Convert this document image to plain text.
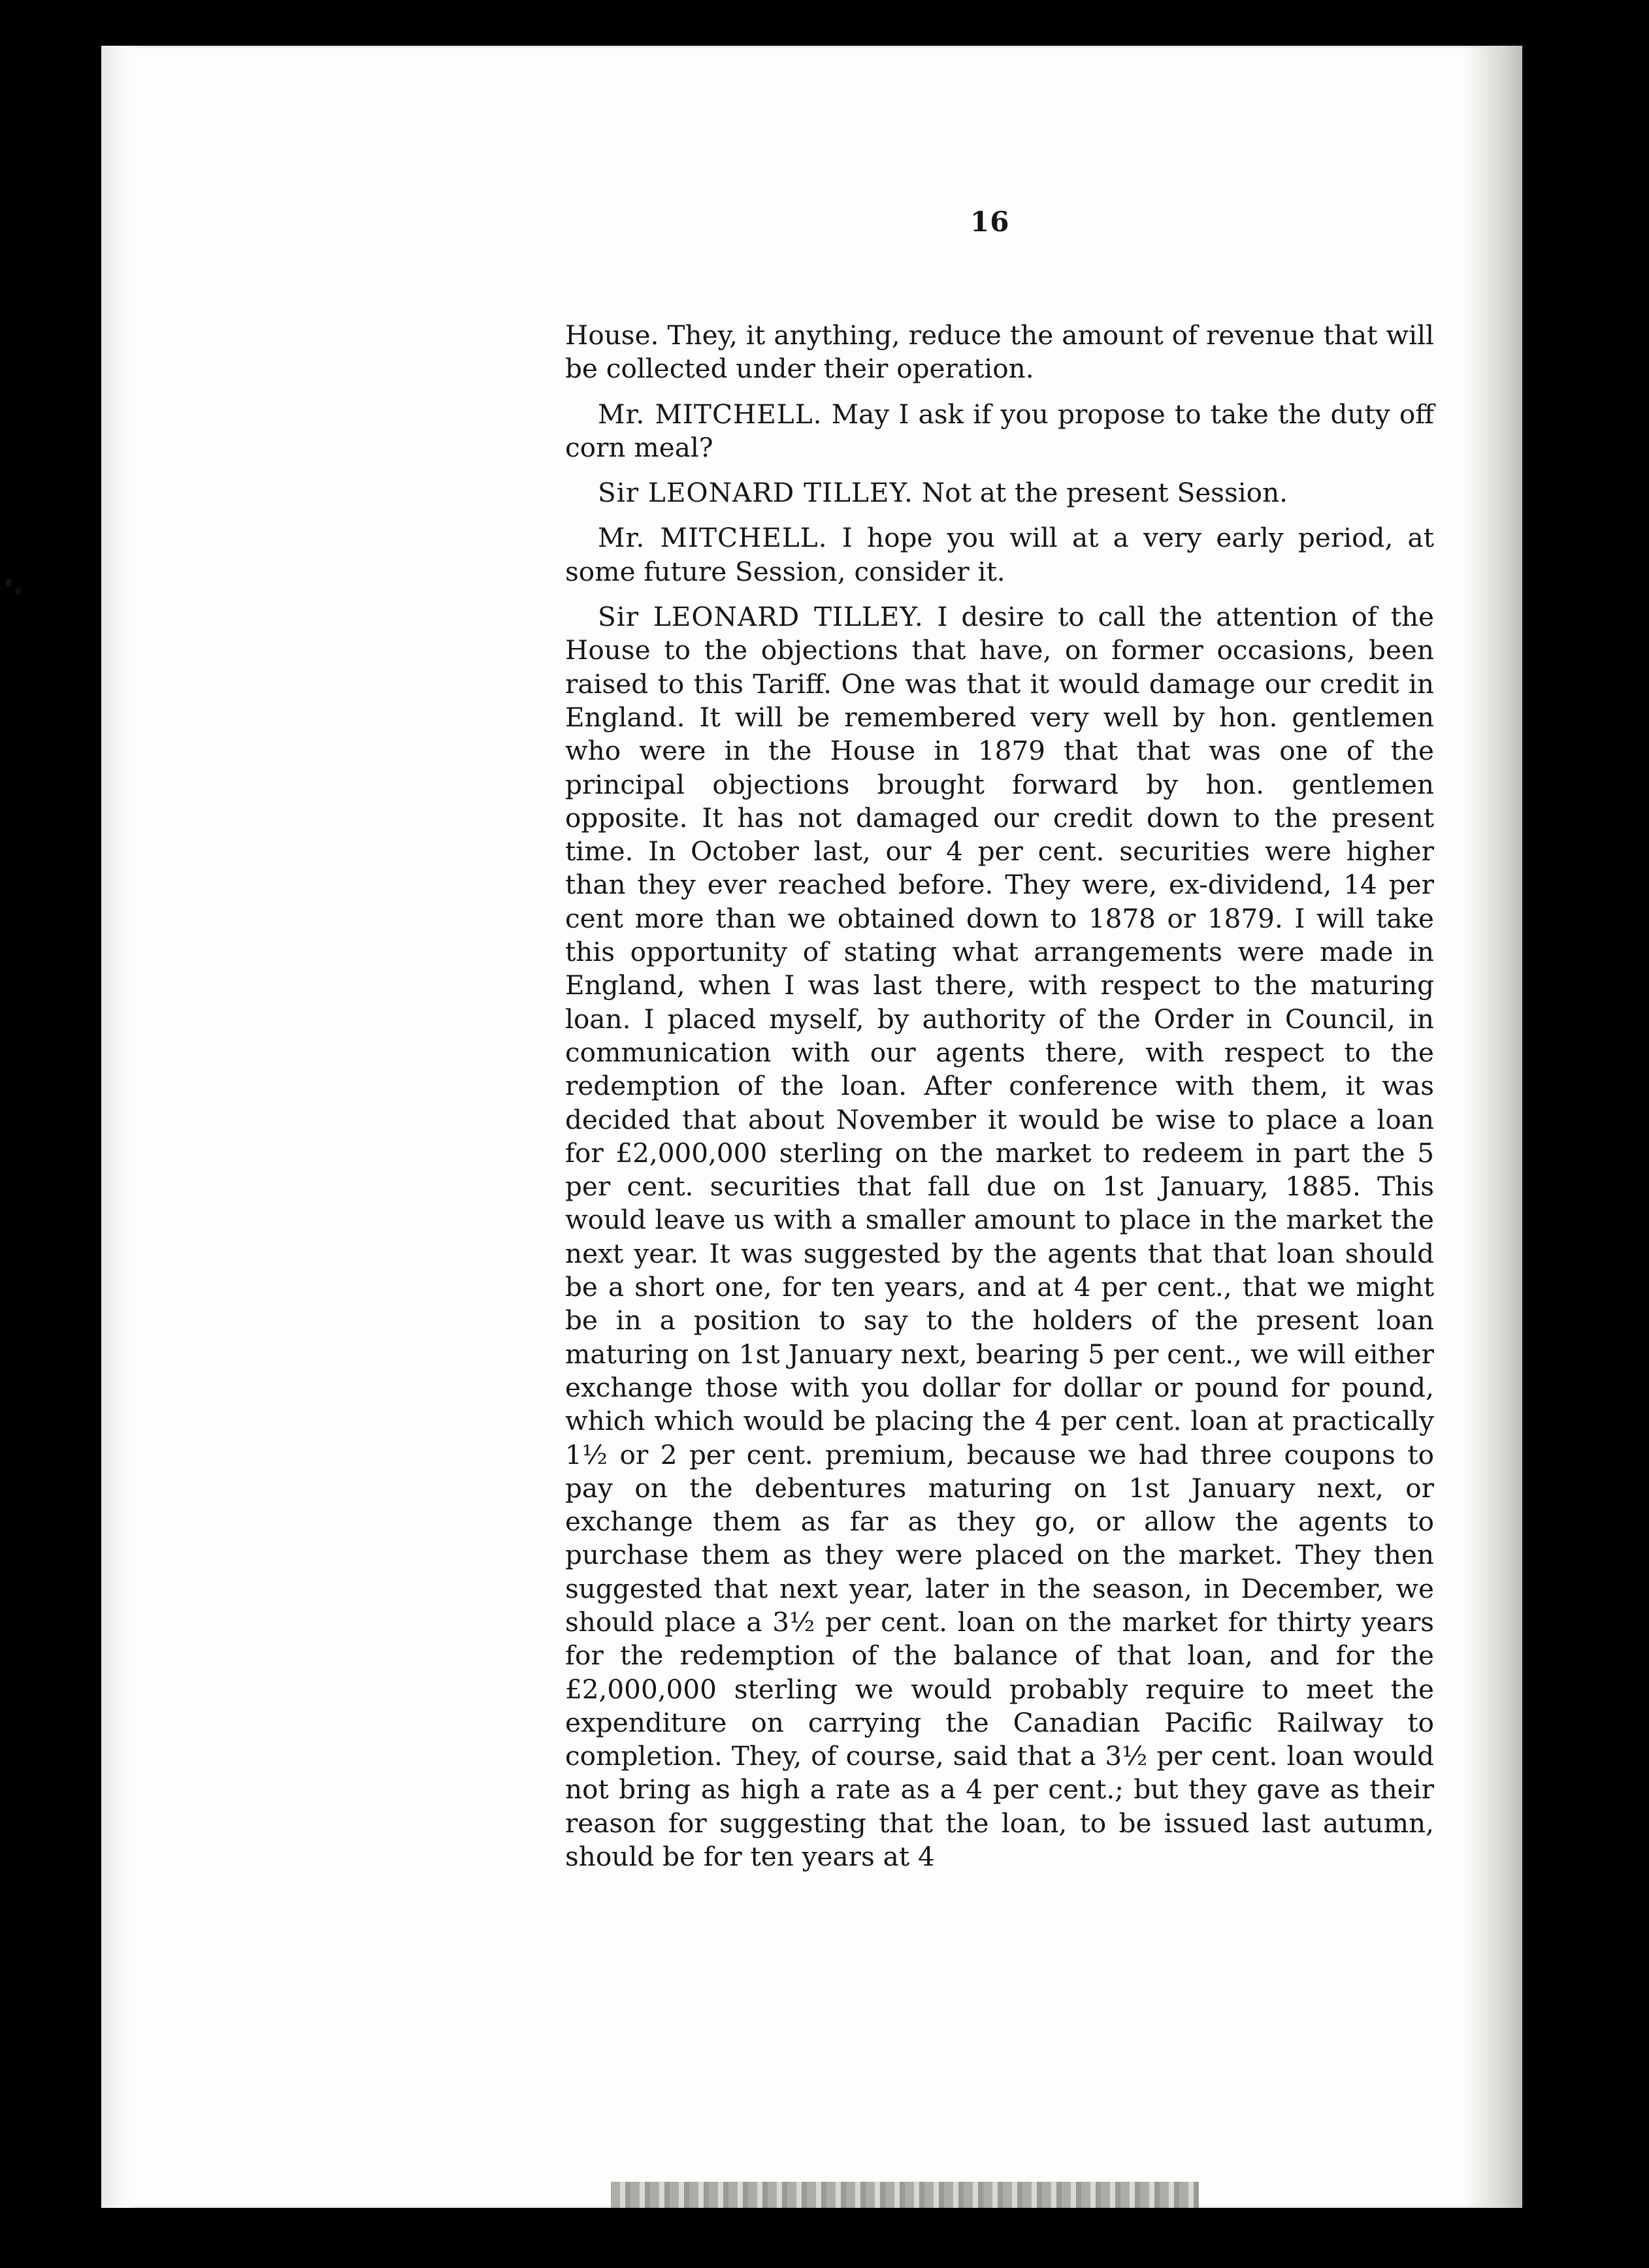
16

House. They, it anything, reduce the amount of revenue that will be collected under their operation.

Mr. MITCHELL. May I ask if you propose to take the duty off corn meal?

Sir LEONARD TILLEY. Not at the present Session.

Mr. MITCHELL. I hope you will at a very early period, at some future Session, consider it.

Sir LEONARD TILLEY. I desire to call the attention of the House to the objections that have, on former occasions, been raised to this Tariff. One was that it would damage our credit in England. It will be remembered very well by hon. gentlemen who were in the House in 1879 that that was one of the principal objections brought forward by hon. gentlemen opposite. It has not damaged our credit down to the present time. In October last, our 4 per cent. securities were higher than they ever reached before. They were, ex-dividend, 14 per cent more than we obtained down to 1878 or 1879. I will take this opportunity of stating what arrangements were made in England, when I was last there, with respect to the maturing loan. I placed myself, by authority of the Order in Council, in communication with our agents there, with respect to the redemption of the loan. After conference with them, it was decided that about November it would be wise to place a loan for £2,000,000 sterling on the market to redeem in part the 5 per cent. securities that fall due on 1st January, 1885. This would leave us with a smaller amount to place in the market the next year. It was suggested by the agents that that loan should be a short one, for ten years, and at 4 per cent., that we might be in a position to say to the holders of the present loan maturing on 1st January next, bearing 5 per cent., we will either exchange those with you dollar for dollar or pound for pound, which which would be placing the 4 per cent. loan at practically 1½ or 2 per cent. premium, because we had three coupons to pay on the debentures maturing on 1st January next, or exchange them as far as they go, or allow the agents to purchase them as they were placed on the market. They then suggested that next year, later in the season, in December, we should place a 3½ per cent. loan on the market for thirty years for the redemption of the balance of that loan, and for the £2,000,000 sterling we would probably require to meet the expenditure on carrying the Canadian Pacific Railway to completion. They, of course, said that a 3½ per cent. loan would not bring as high a rate as a 4 per cent.; but they gave as their reason for suggesting that the loan, to be issued last autumn, should be for ten years at 4
